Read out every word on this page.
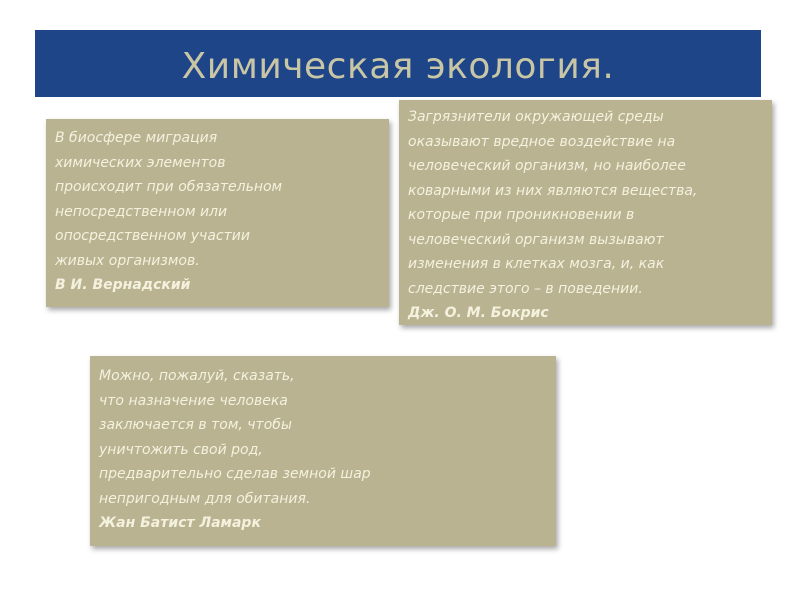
Химическая экология.
В биосфере миграция
химических элементов
происходит при обязательном
непосредственном или
опосредственном участии
живых организмов.
В И. Вернадский
Загрязнители окружающей среды
оказывают вредное воздействие на
человеческий организм, но наиболее
коварными из них являются вещества,
которые при проникновении в
человеческий организм вызывают
изменения в клетках мозга, и, как
следствие этого – в поведении.
Дж. О. М. Бокрис
Можно, пожалуй, сказать,
что назначение человека
заключается в том, чтобы
уничтожить свой род,
предварительно сделав земной шар
непригодным для обитания.
Жан Батист Ламарк
